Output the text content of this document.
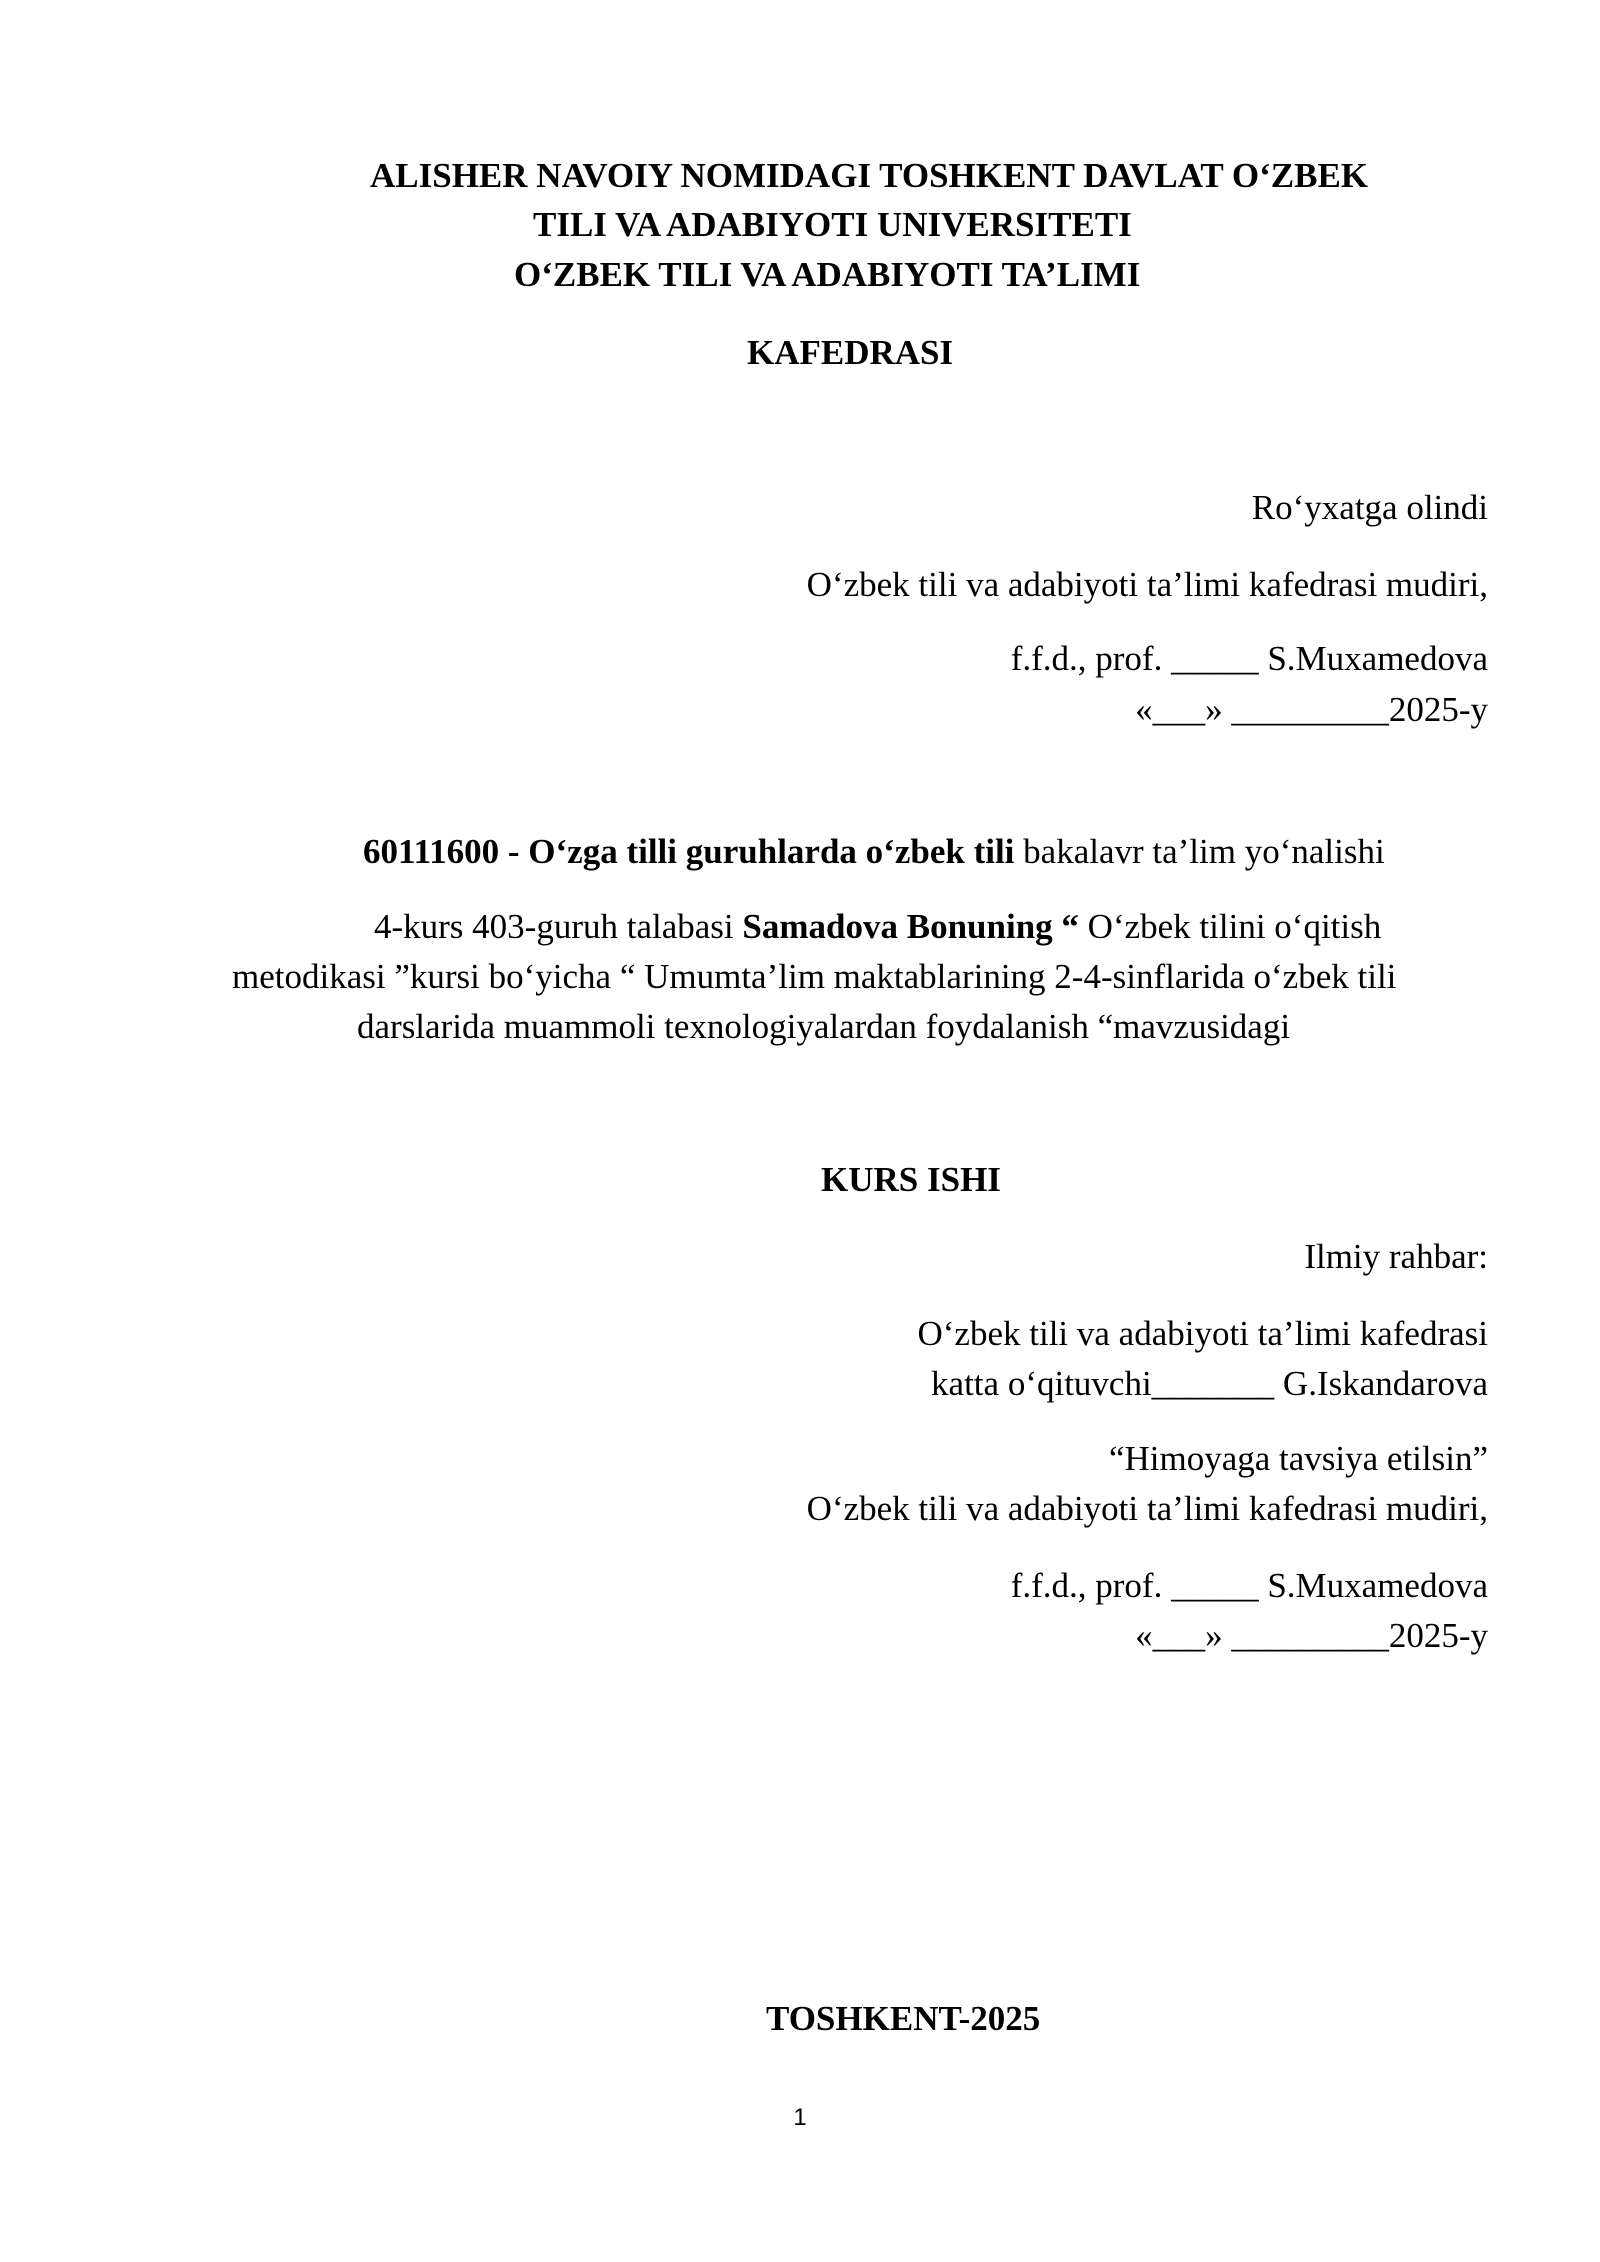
ALISHER NAVOIY NOMIDAGI TOSHKENT DAVLAT O‘ZBEK
TILI VA ADABIYOTI UNIVERSITETI
O‘ZBEK TILI VA ADABIYOTI TA’LIMI
KAFEDRASI
Ro‘yxatga olindi
O‘zbek tili va adabiyoti ta’limi kafedrasi mudiri,
f.f.d., prof. _____ S.Muxamedova
«___» _________2025-y
60111600 - O‘zga tilli guruhlarda o‘zbek tili bakalavr ta’lim yo‘nalishi
4-kurs 403-guruh talabasi Samadova Bonuning “ O‘zbek tilini o‘qitish
metodikasi ”kursi bo‘yicha “ Umumta’lim maktablarining 2-4-sinflarida o‘zbek tili
darslarida muammoli texnologiyalardan foydalanish “mavzusidagi
KURS ISHI
Ilmiy rahbar:
O‘zbek tili va adabiyoti ta’limi kafedrasi
katta o‘qituvchi_______ G.Iskandarova
“Himoyaga tavsiya etilsin”
O‘zbek tili va adabiyoti ta’limi kafedrasi mudiri,
f.f.d., prof. _____ S.Muxamedova
«___» _________2025-y
TOSHKENT-2025
1
